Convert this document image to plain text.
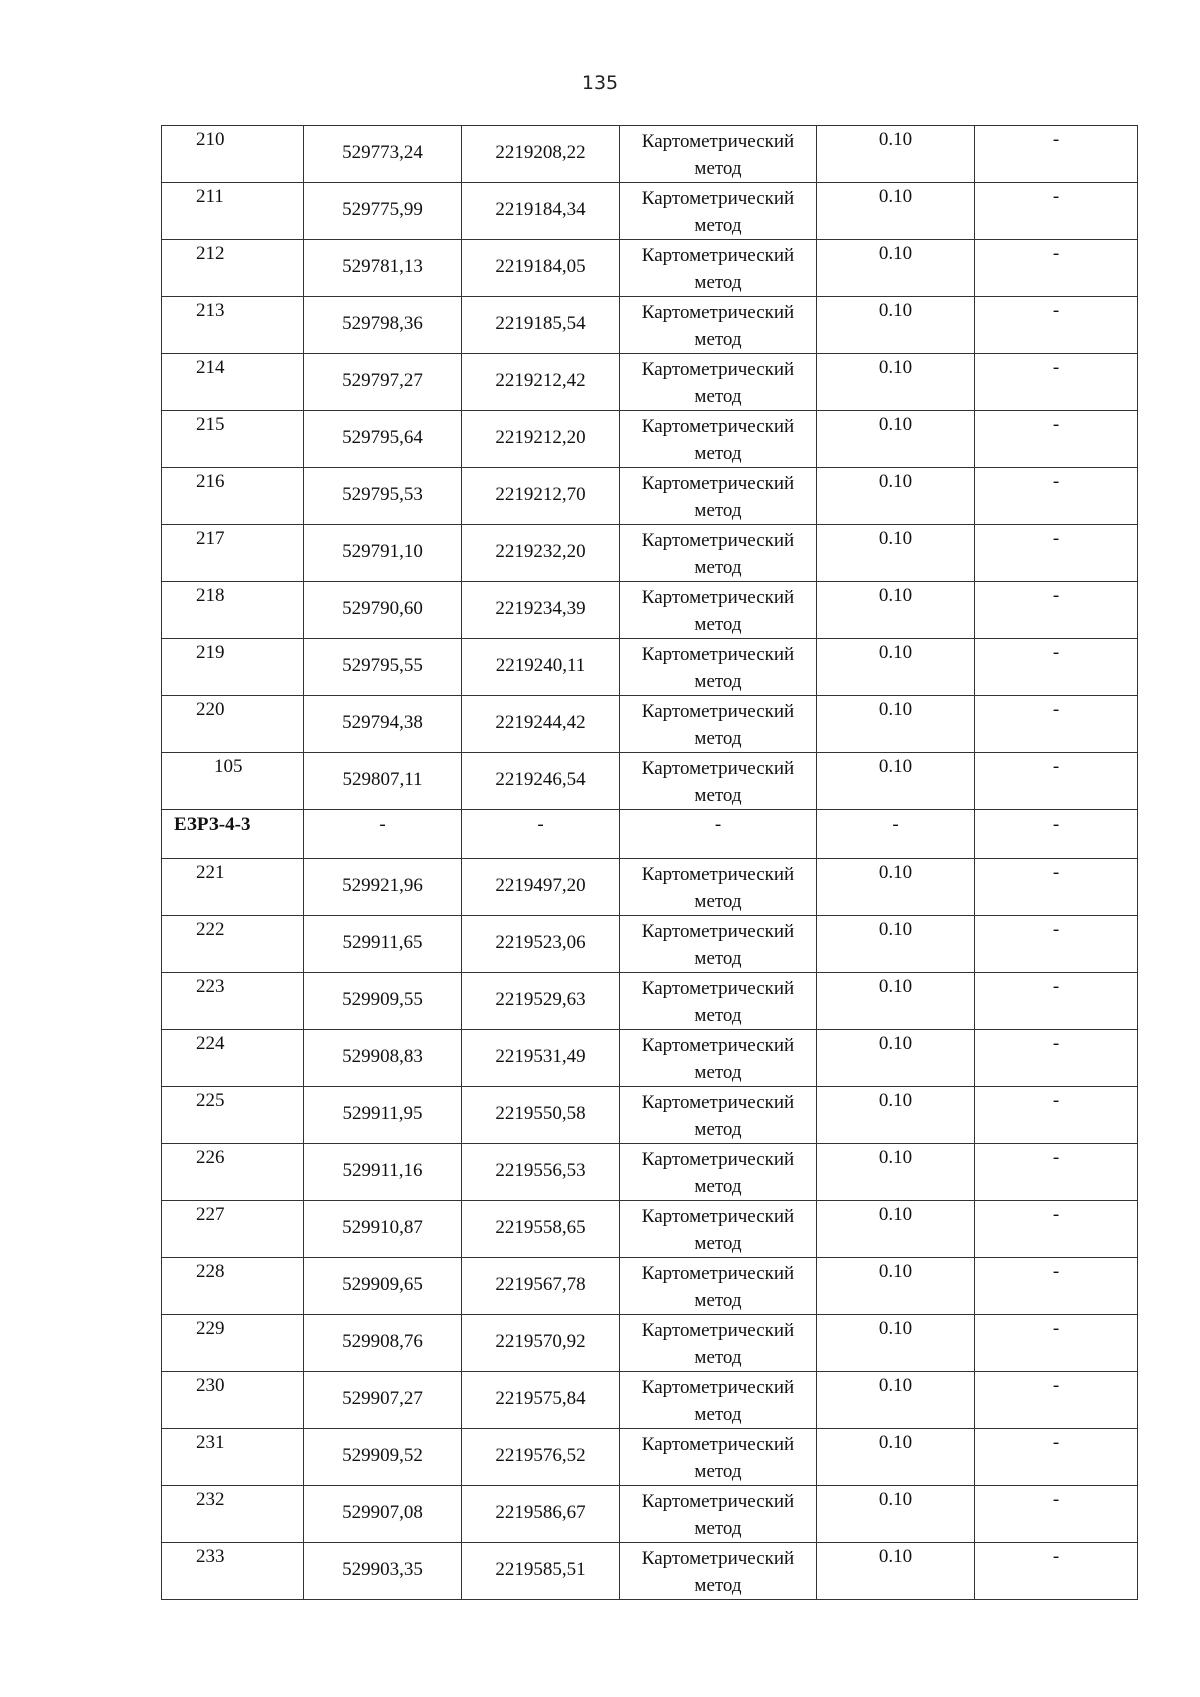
135
210	529773,24	2219208,22	Картометрический метод	0.10	-

211	529775,99	2219184,34	Картометрический метод	0.10	-

212	529781,13	2219184,05	Картометрический метод	0.10	-

213	529798,36	2219185,54	Картометрический метод	0.10	-

214	529797,27	2219212,42	Картометрический метод	0.10	-

215	529795,64	2219212,20	Картометрический метод	0.10	-

216	529795,53	2219212,70	Картометрический метод	0.10	-

217	529791,10	2219232,20	Картометрический метод	0.10	-

218	529790,60	2219234,39	Картометрический метод	0.10	-

219	529795,55	2219240,11	Картометрический метод	0.10	-

220	529794,38	2219244,42	Картометрический метод	0.10	-

105	529807,11	2219246,54	Картометрический метод	0.10	-

ЕЗРЗ-4-3	-	-	-	-	-

221	529921,96	2219497,20	Картометрический метод	0.10	-

222	529911,65	2219523,06	Картометрический метод	0.10	-

223	529909,55	2219529,63	Картометрический метод	0.10	-

224	529908,83	2219531,49	Картометрический метод	0.10	-

225	529911,95	2219550,58	Картометрический метод	0.10	-

226	529911,16	2219556,53	Картометрический метод	0.10	-

227	529910,87	2219558,65	Картометрический метод	0.10	-

228	529909,65	2219567,78	Картометрический метод	0.10	-

229	529908,76	2219570,92	Картометрический метод	0.10	-

230	529907,27	2219575,84	Картометрический метод	0.10	-

231	529909,52	2219576,52	Картометрический метод	0.10	-

232	529907,08	2219586,67	Картометрический метод	0.10	-

233	529903,35	2219585,51	Картометрический метод	0.10	-
